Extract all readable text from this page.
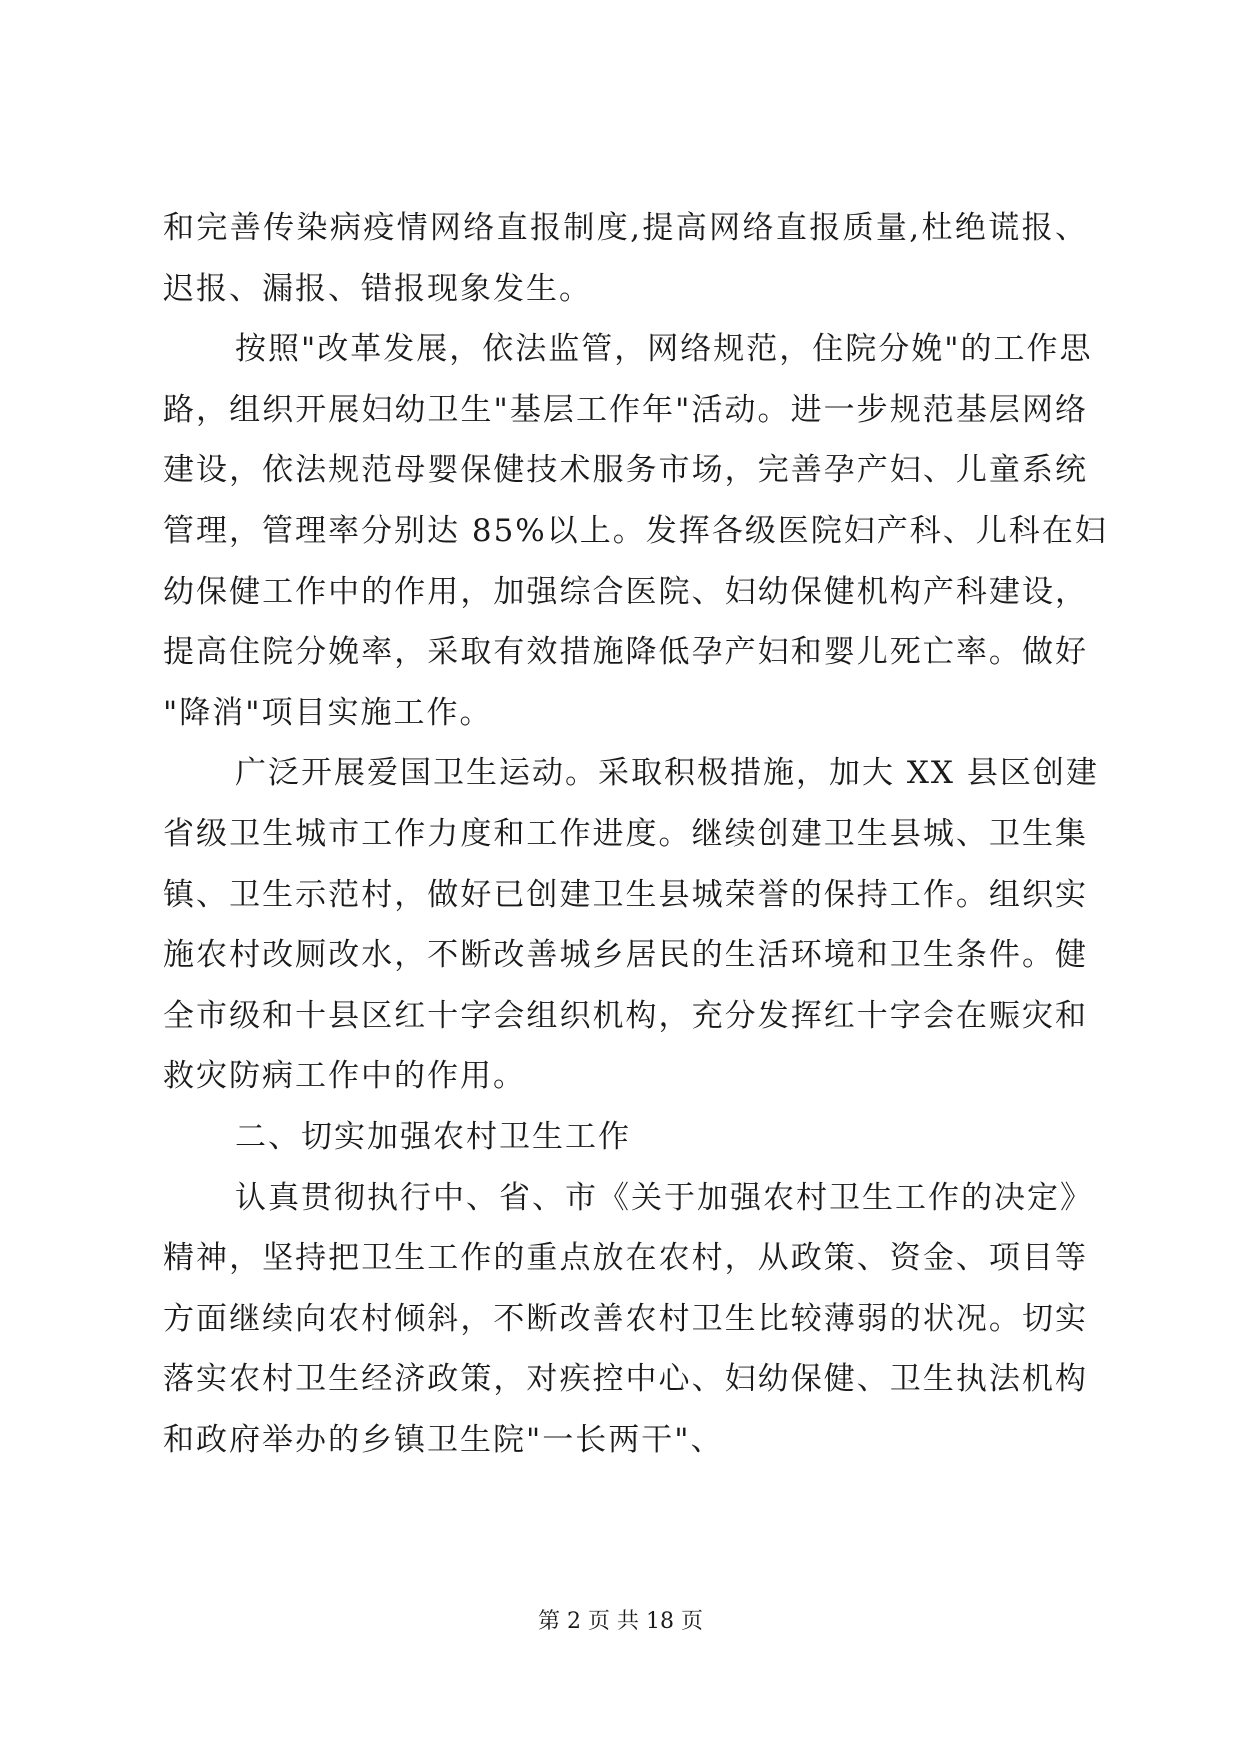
和完善传染病疫情网络直报制度,提高网络直报质量,杜绝谎报、
迟报、漏报、错报现象发生。
按照"改革发展，依法监管，网络规范，住院分娩"的工作思
路，组织开展妇幼卫生"基层工作年"活动。进一步规范基层网络
建设，依法规范母婴保健技术服务市场，完善孕产妇、儿童系统
管理，管理率分别达 85%以上。发挥各级医院妇产科、儿科在妇
幼保健工作中的作用，加强综合医院、妇幼保健机构产科建设，
提高住院分娩率，采取有效措施降低孕产妇和婴儿死亡率。做好
"降消"项目实施工作。
广泛开展爱国卫生运动。采取积极措施，加大 XX 县区创建
省级卫生城市工作力度和工作进度。继续创建卫生县城、卫生集
镇、卫生示范村，做好已创建卫生县城荣誉的保持工作。组织实
施农村改厕改水，不断改善城乡居民的生活环境和卫生条件。健
全市级和十县区红十字会组织机构，充分发挥红十字会在赈灾和
救灾防病工作中的作用。
二、切实加强农村卫生工作
认真贯彻执行中、省、市《关于加强农村卫生工作的决定》
精神，坚持把卫生工作的重点放在农村，从政策、资金、项目等
方面继续向农村倾斜，不断改善农村卫生比较薄弱的状况。切实
落实农村卫生经济政策，对疾控中心、妇幼保健、卫生执法机构
和政府举办的乡镇卫生院"一长两干"、
第 2 页 共 18 页
